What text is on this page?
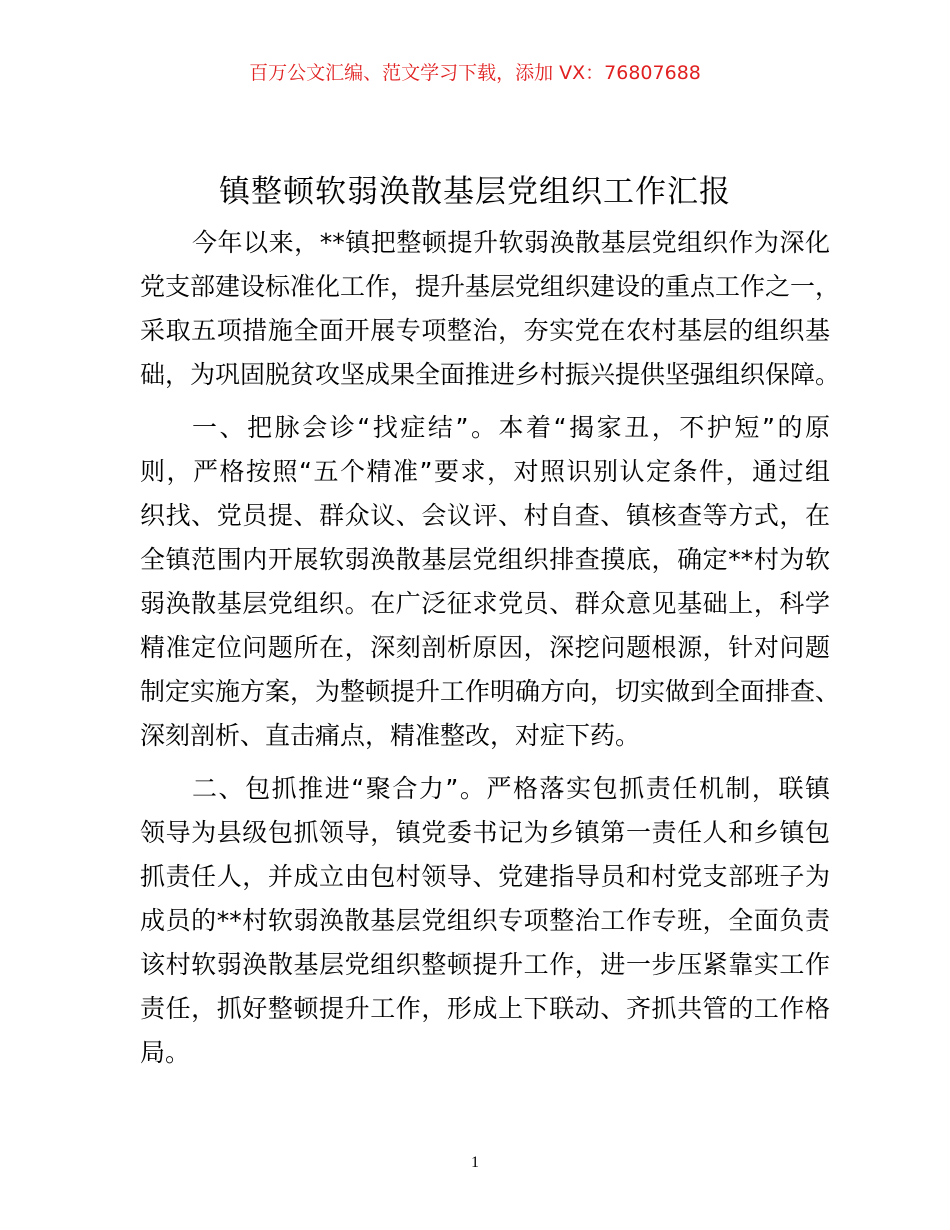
百万公文汇编、范文学习下载，添加 VX：76807688
镇整顿软弱涣散基层党组织工作汇报
今年以来，**镇把整顿提升软弱涣散基层党组织作为深化
党支部建设标准化工作，提升基层党组织建设的重点工作之一，
采取五项措施全面开展专项整治，夯实党在农村基层的组织基
础，为巩固脱贫攻坚成果全面推进乡村振兴提供坚强组织保障。
一、把脉会诊“找症结”。本着“揭家丑，不护短”的原
则，严格按照“五个精准”要求，对照识别认定条件，通过组
织找、党员提、群众议、会议评、村自查、镇核查等方式，在
全镇范围内开展软弱涣散基层党组织排查摸底，确定**村为软
弱涣散基层党组织。在广泛征求党员、群众意见基础上，科学
精准定位问题所在，深刻剖析原因，深挖问题根源，针对问题
制定实施方案，为整顿提升工作明确方向，切实做到全面排查、
深刻剖析、直击痛点，精准整改，对症下药。
二、包抓推进“聚合力”。严格落实包抓责任机制，联镇
领导为县级包抓领导，镇党委书记为乡镇第一责任人和乡镇包
抓责任人，并成立由包村领导、党建指导员和村党支部班子为
成员的**村软弱涣散基层党组织专项整治工作专班，全面负责
该村软弱涣散基层党组织整顿提升工作，进一步压紧靠实工作
责任，抓好整顿提升工作，形成上下联动、齐抓共管的工作格
局。
1
